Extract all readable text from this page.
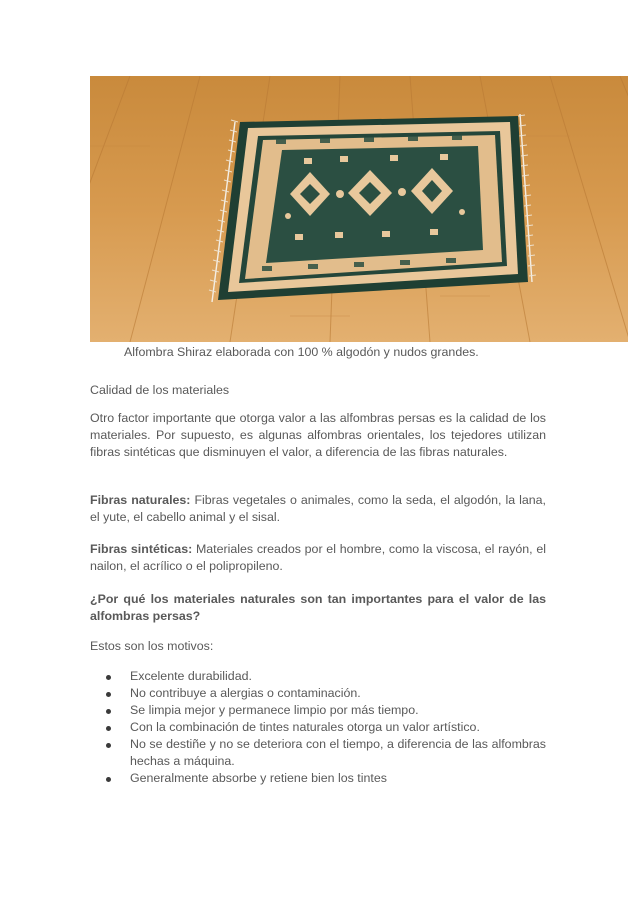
Alfombra Shiraz elaborada con 100 % algodón y nudos grandes.
Calidad de los materiales

Otro factor importante que otorga valor a las alfombras persas es la calidad de los materiales. Por supuesto, es algunas alfombras orientales, los tejedores utilizan fibras sintéticas que disminuyen el valor, a diferencia de las fibras naturales.

Fibras naturales: Fibras vegetales o animales, como la seda, el algodón, la lana, el yute, el cabello animal y el sisal.

Fibras sintéticas: Materiales creados por el hombre, como la viscosa, el rayón, el nailon, el acrílico o el polipropileno.

¿Por qué los materiales naturales son tan importantes para el valor de las alfombras persas?

Estos son los motivos:

Excelente durabilidad.
No contribuye a alergias o contaminación.
Se limpia mejor y permanece limpio por más tiempo.
Con la combinación de tintes naturales otorga un valor artístico.
No se destiñe y no se deteriora con el tiempo, a diferencia de las alfombras hechas a máquina.
Generalmente absorbe y retiene bien los tintes
